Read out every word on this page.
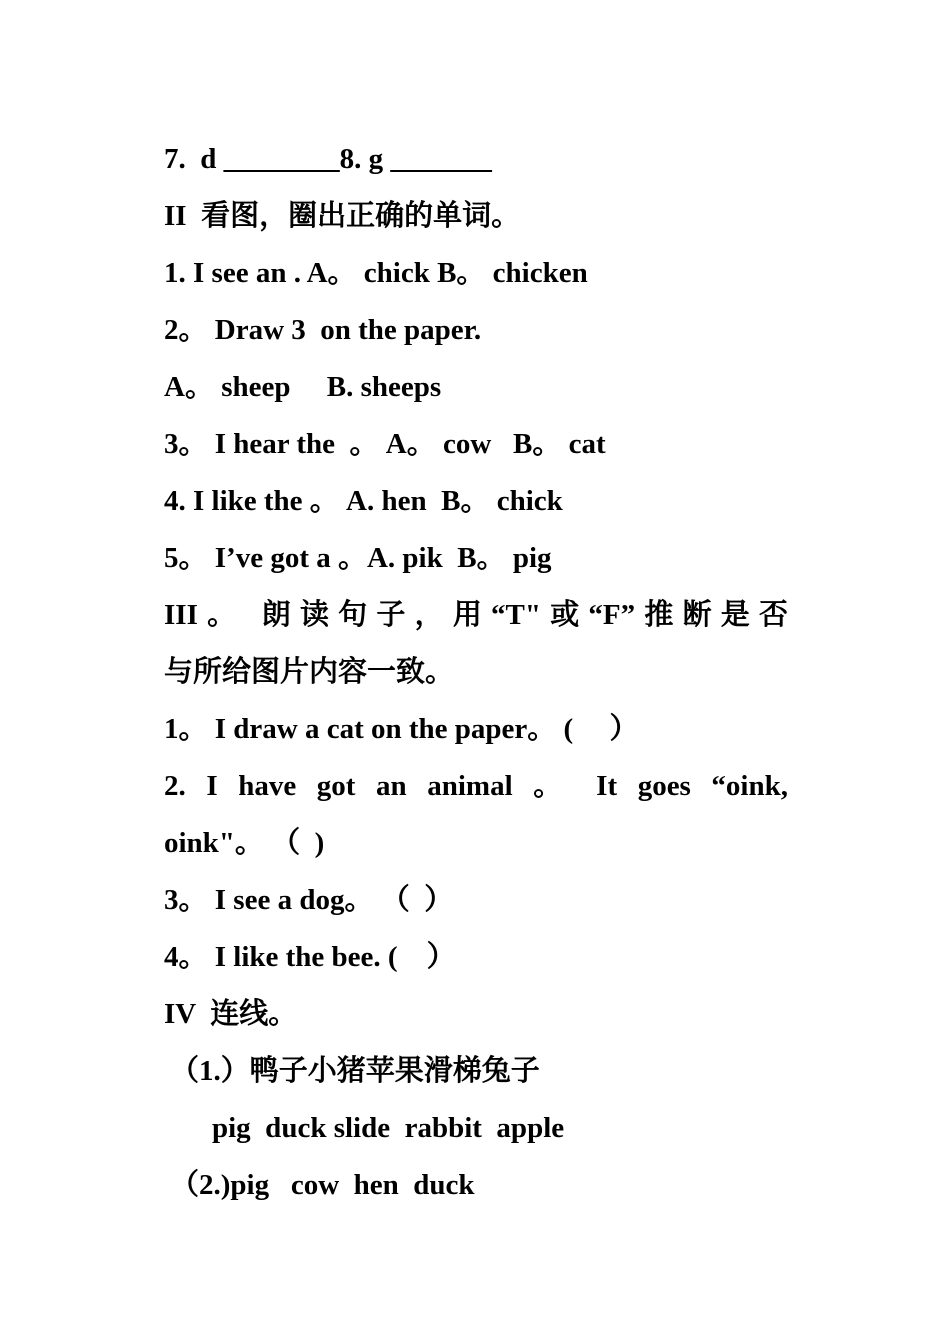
7.  d ________8. g _______
II  看图，圈出正确的单词。
1. I see an . A。 chick B。 chicken
2。 Draw 3  on the paper.
A。 sheep     B. sheeps
3。 I hear the  。 A。 cow   B。 cat
4. I like the 。 A. hen  B。 chick
5。 I’ve got a 。A. pik  B。 pig
III。 朗读句子，用“T"或“F”推断是否
与所给图片内容一致。
1。 I draw a cat on the paper。 (     ）
2. I have got an animal 。 It goes “oink,
oink"。 （  )
3。 I see a dog。 （  ）
4。 I like the bee. (    ）
IV  连线。
（1.）鸭子小猪苹果滑梯兔子
pig  duck slide  rabbit  apple
（2.)pig   cow  hen  duck
